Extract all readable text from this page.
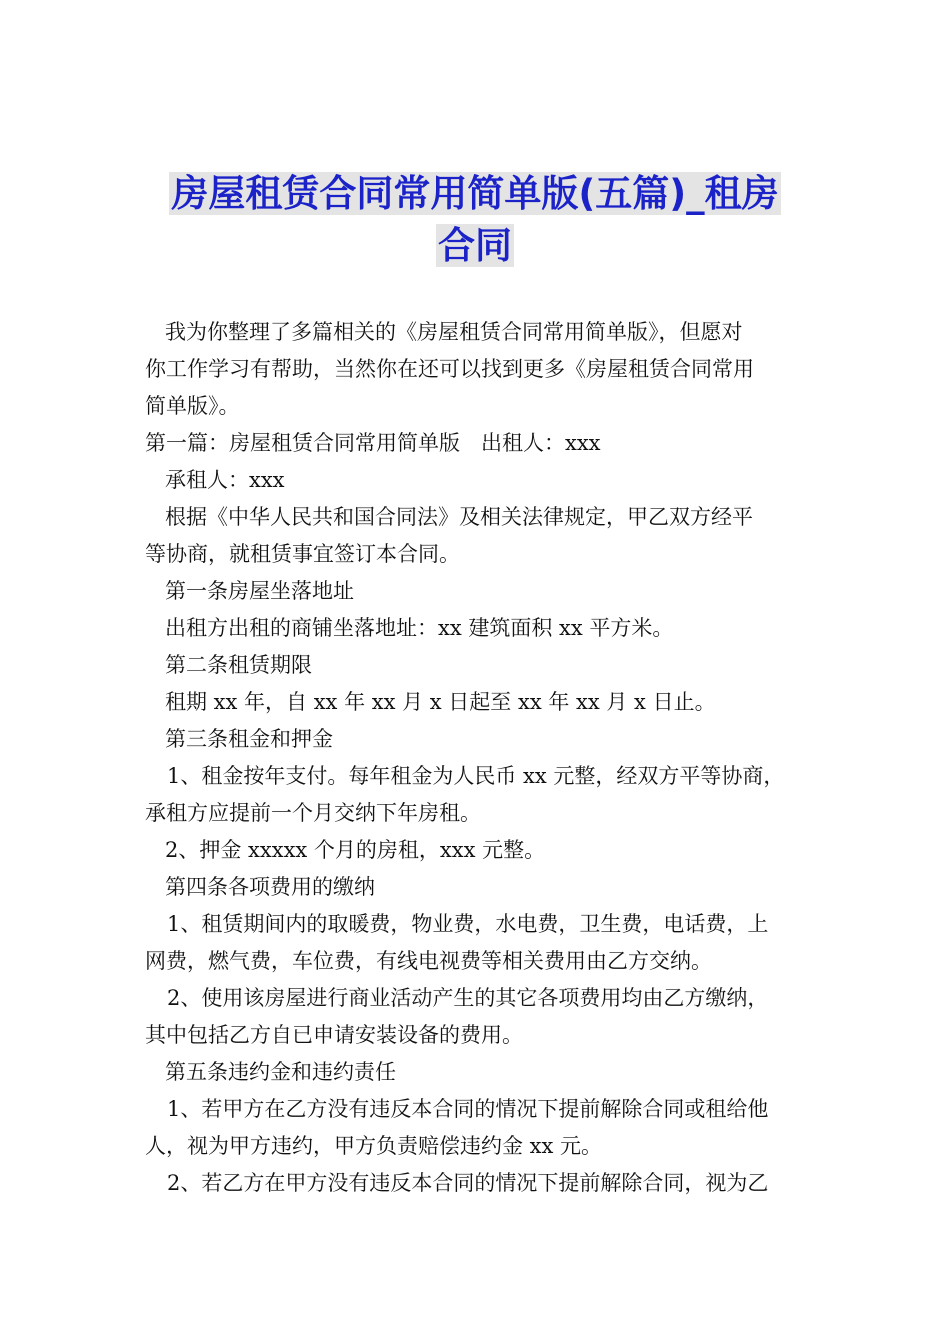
房屋租赁合同常用简单版(五篇)_租房
合同

我为你整理了多篇相关的《房屋租赁合同常用简单版》，但愿对

你工作学习有帮助，当然你在还可以找到更多《房屋租赁合同常用

简单版》。

第一篇：房屋租赁合同常用简单版　出租人：xxx

承租人：xxx

根据《中华人民共和国合同法》及相关法律规定，甲乙双方经平

等协商，就租赁事宜签订本合同。

第一条房屋坐落地址

出租方出租的商铺坐落地址：xx 建筑面积 xx 平方米。

第二条租赁期限

租期 xx 年，自 xx 年 xx 月 x 日起至 xx 年 xx 月 x 日止。

第三条租金和押金

1、租金按年支付。每年租金为人民币 xx 元整，经双方平等协商，

承租方应提前一个月交纳下年房租。

2、押金 xxxxx 个月的房租，xxx 元整。

第四条各项费用的缴纳

1、租赁期间内的取暖费，物业费，水电费，卫生费，电话费，上

网费，燃气费，车位费，有线电视费等相关费用由乙方交纳。

2、使用该房屋进行商业活动产生的其它各项费用均由乙方缴纳，

其中包括乙方自已申请安装设备的费用。

第五条违约金和违约责任

1、若甲方在乙方没有违反本合同的情况下提前解除合同或租给他

人，视为甲方违约，甲方负责赔偿违约金 xx 元。

2、若乙方在甲方没有违反本合同的情况下提前解除合同，视为乙
